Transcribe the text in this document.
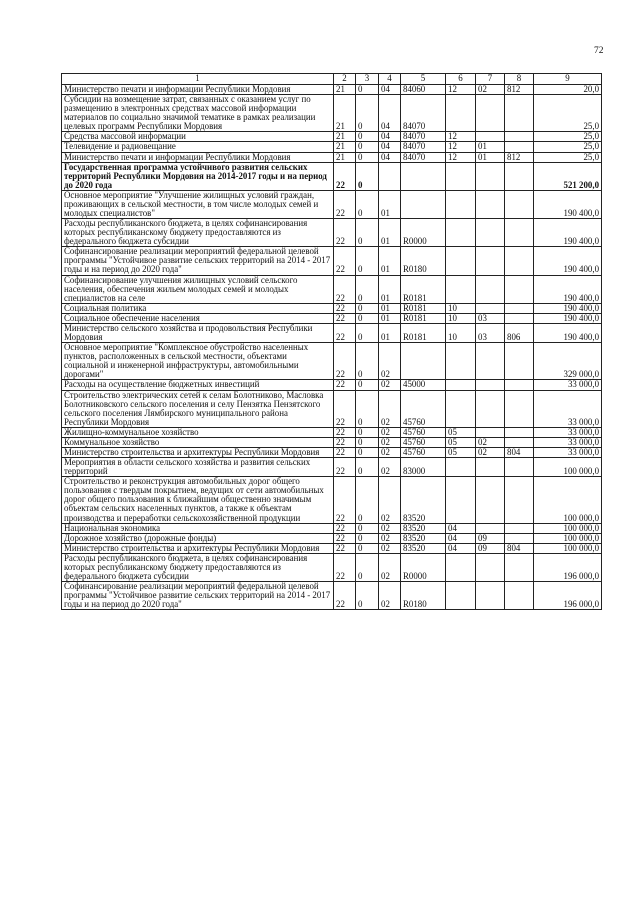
72
1	2	3	4	5	6	7	8	9
Министерство печати и информации Республики Мордовия	21	0	04	84060	12	02	812	20,0
Субсидии на возмещение затрат, связанных с оказанием услуг по размещению в электронных средствах массовой информации материалов по социально значимой тематике в рамках реализации целевых программ Республики Мордовия	21	0	04	84070				25,0
Средства массовой информации	21	0	04	84070	12			25,0
Телевидение и радиовещание	21	0	04	84070	12	01		25,0
Министерство печати и информации Республики Мордовия	21	0	04	84070	12	01	812	25,0
Государственная программа устойчивого развития сельских территорий Республики Мордовия на 2014-2017 годы и на период до 2020 года	22	0						521 200,0
Основное мероприятие "Улучшение жилищных условий граждан, проживающих в сельской местности, в том числе молодых семей и молодых специалистов"	22	0	01					190 400,0
Расходы республиканского бюджета, в целях софинансирования которых республиканскому бюджету предоставляются из федерального бюджета субсидии	22	0	01	R0000				190 400,0
Софинансирование реализации мероприятий федеральной целевой программы "Устойчивое развитие сельских территорий на 2014 - 2017 годы и на период до 2020 года"	22	0	01	R0180				190 400,0
Софинансирование улучшения жилищных условий сельского населения, обеспечения жильем молодых семей и молодых специалистов на селе	22	0	01	R0181				190 400,0
Социальная политика	22	0	01	R0181	10			190 400,0
Социальное обеспечение населения	22	0	01	R0181	10	03		190 400,0
Министерство сельского хозяйства и продовольствия Республики Мордовия	22	0	01	R0181	10	03	806	190 400,0
Основное мероприятие "Комплексное обустройство населенных пунктов, расположенных в сельской местности, объектами социальной и инженерной инфраструктуры, автомобильными дорогами"	22	0	02					329 000,0
Расходы на осуществление бюджетных инвестиций	22	0	02	45000				33 000,0
Строительство электрических сетей к селам Болотниково, Масловка Болотниковского сельского поселения и селу Пензятка Пензятского сельского поселения Лямбирского муниципального района Республики Мордовия	22	0	02	45760				33 000,0
Жилищно-коммунальное хозяйство	22	0	02	45760	05			33 000,0
Коммунальное хозяйство	22	0	02	45760	05	02		33 000,0
Министерство строительства и архитектуры Республики Мордовия	22	0	02	45760	05	02	804	33 000,0
Мероприятия в области сельского хозяйства и развития сельских территорий	22	0	02	83000				100 000,0
Строительство и реконструкция автомобильных дорог общего пользования с твердым покрытием, ведущих от сети автомобильных дорог общего пользования к ближайшим общественно значимым объектам сельских населенных пунктов, а также к объектам производства и переработки сельскохозяйственной продукции	22	0	02	83520				100 000,0
Национальная экономика	22	0	02	83520	04			100 000,0
Дорожное хозяйство (дорожные фонды)	22	0	02	83520	04	09		100 000,0
Министерство строительства и архитектуры Республики Мордовия	22	0	02	83520	04	09	804	100 000,0
Расходы республиканского бюджета, в целях софинансирования которых республиканскому бюджету предоставляются из федерального бюджета субсидии	22	0	02	R0000				196 000,0
Софинансирование реализации мероприятий федеральной целевой программы "Устойчивое развитие сельских территорий на 2014 - 2017 годы и на период до 2020 года"	22	0	02	R0180				196 000,0
